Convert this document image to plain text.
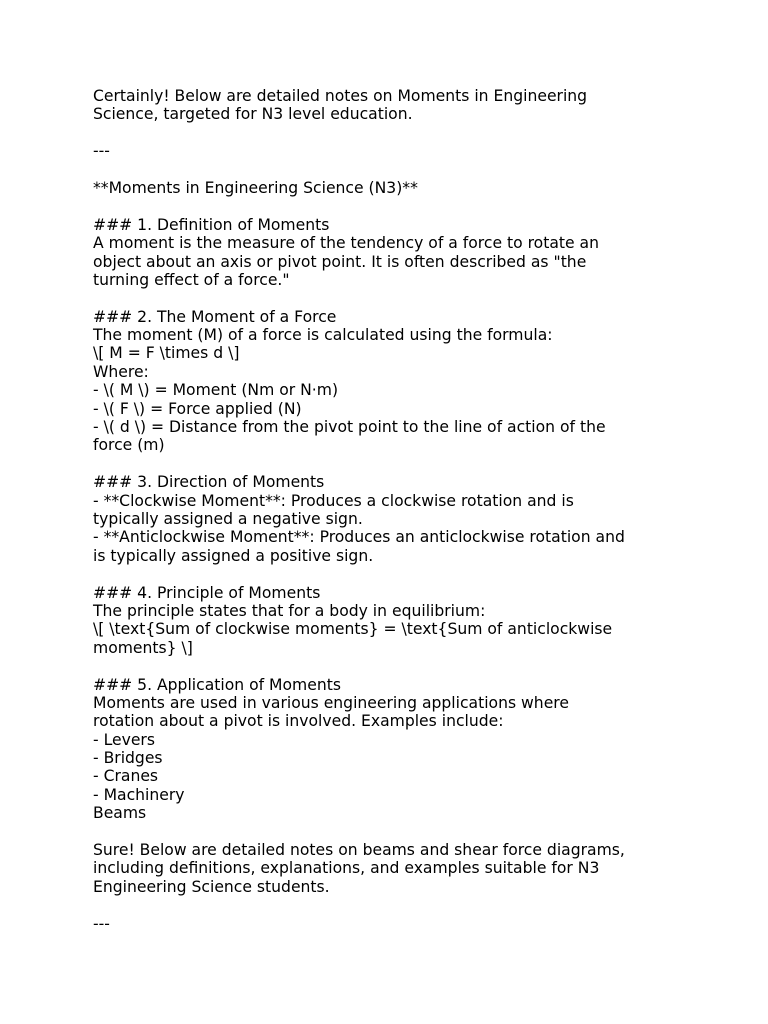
Certainly! Below are detailed notes on Moments in Engineering
Science, targeted for N3 level education.
---
**Moments in Engineering Science (N3)**
### 1. Definition of Moments
A moment is the measure of the tendency of a force to rotate an
object about an axis or pivot point. It is often described as "the
turning effect of a force."
### 2. The Moment of a Force
The moment (M) of a force is calculated using the formula:
\[ M = F \times d \]
Where:
- \( M \) = Moment (Nm or N·m)
- \( F \) = Force applied (N)
- \( d \) = Distance from the pivot point to the line of action of the
force (m)
### 3. Direction of Moments
- **Clockwise Moment**: Produces a clockwise rotation and is
typically assigned a negative sign.
- **Anticlockwise Moment**: Produces an anticlockwise rotation and
is typically assigned a positive sign.
### 4. Principle of Moments
The principle states that for a body in equilibrium:
\[ \text{Sum of clockwise moments} = \text{Sum of anticlockwise
moments} \]
### 5. Application of Moments
Moments are used in various engineering applications where
rotation about a pivot is involved. Examples include:
- Levers
- Bridges
- Cranes
- Machinery
Beams
Sure! Below are detailed notes on beams and shear force diagrams,
including definitions, explanations, and examples suitable for N3
Engineering Science students.
---
